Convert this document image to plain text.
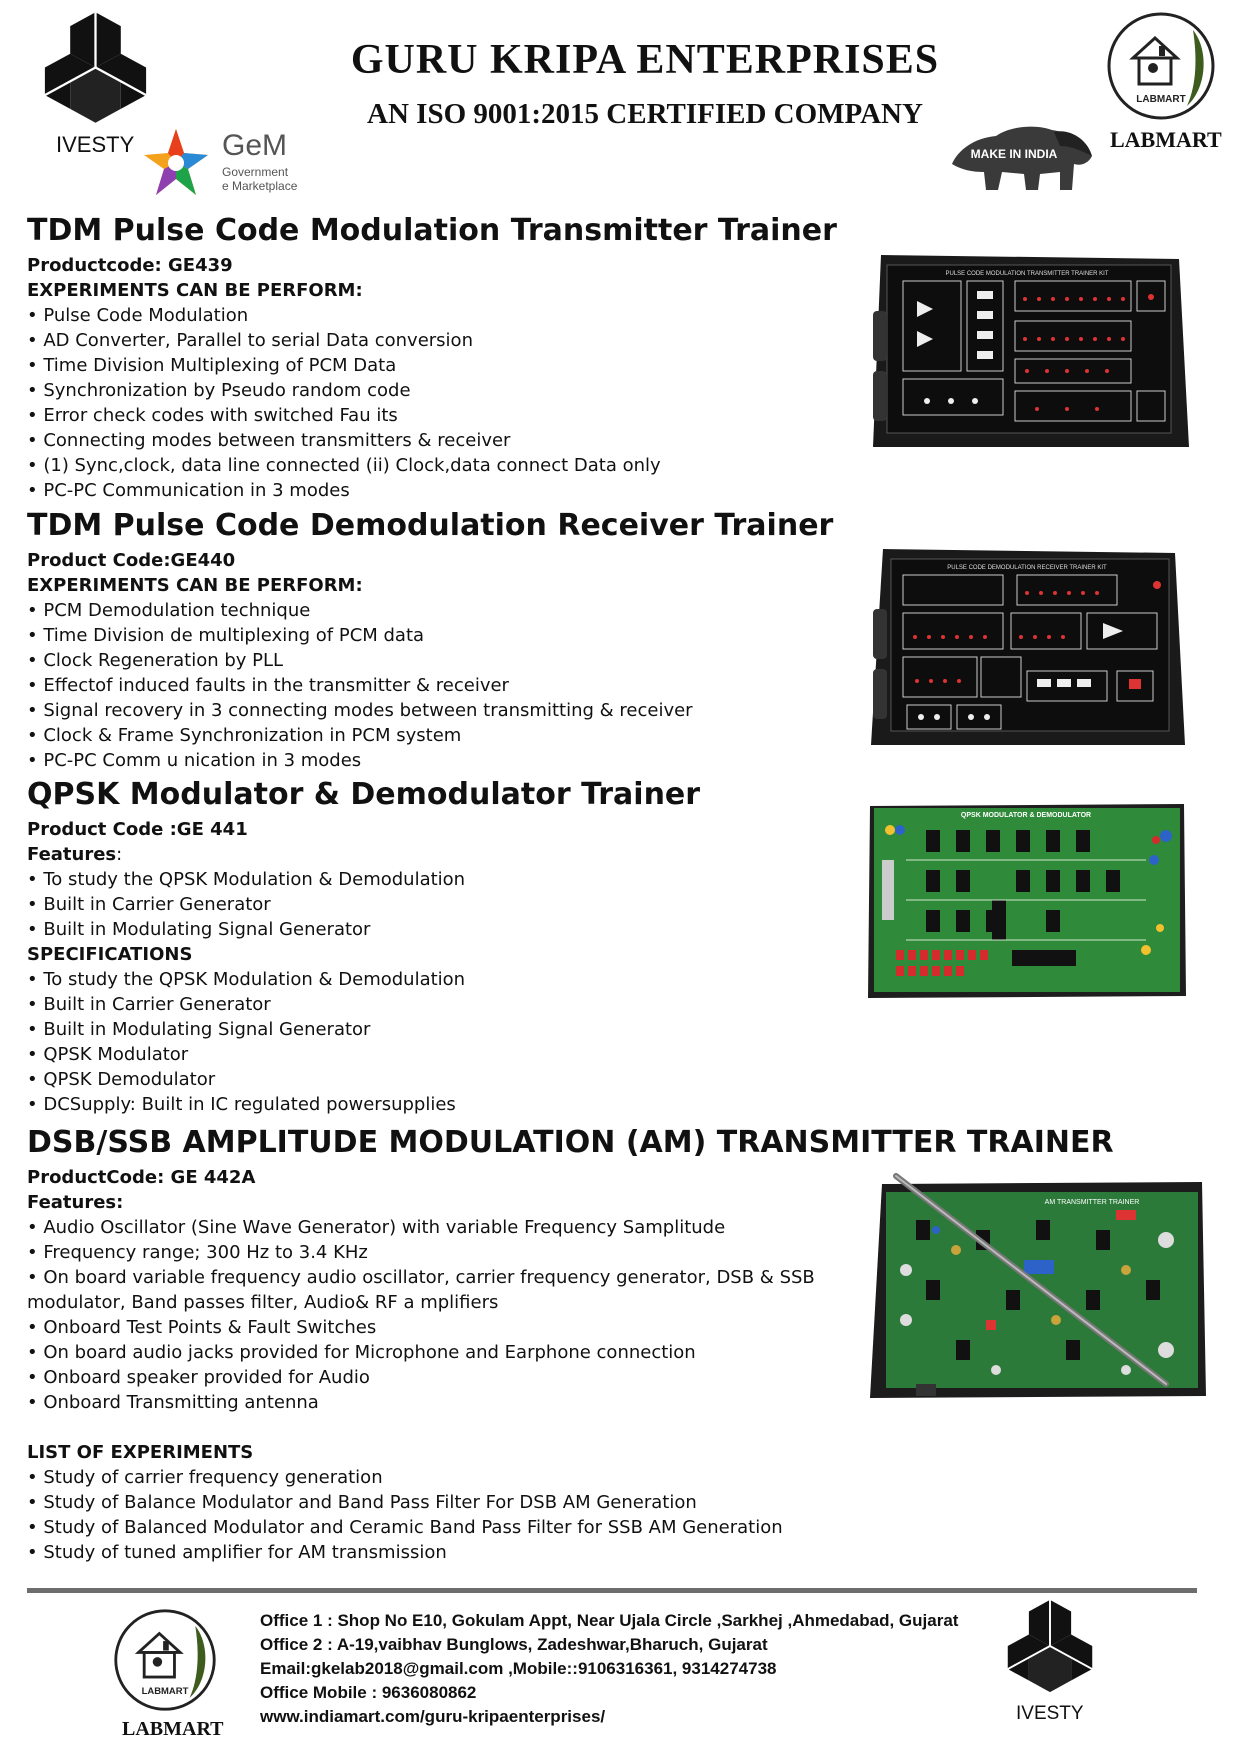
IVESTY	GeM
Government
e Marketplace
GURU KRIPA ENTERPRISES
AN ISO 9001:2015 CERTIFIED COMPANY	LABMART
MAKE IN INDIA
LABMART
TDM Pulse Code Modulation Transmitter Trainer
Productcode: GE439
EXPERIMENTS CAN BE PERFORM:
• Pulse Code Modulation
• AD Converter, Parallel to serial Data conversion
• Time Division Multiplexing of PCM Data
• Synchronization by Pseudo random code
• Error check codes with switched Fau its
• Connecting modes between transmitters & receiver
• (1) Sync,clock, data line connected (ii) Clock,data connect Data only
• PC-PC Communication in 3 modes
PULSE CODE MODULATION TRANSMITTER TRAINER KIT
TDM Pulse Code Demodulation Receiver Trainer
Product Code:GE440
EXPERIMENTS CAN BE PERFORM:
• PCM Demodulation technique
• Time Division de multiplexing of PCM data
• Clock Regeneration by PLL
• Effectof induced faults in the transmitter & receiver
• Signal recovery in 3 connecting modes between transmitting & receiver
• Clock & Frame Synchronization in PCM system
• PC-PC Comm u nication in 3 modes
PULSE CODE DEMODULATION RECEIVER TRAINER KIT
QPSK Modulator & Demodulator Trainer
Product Code :GE 441
Features:
• To study the QPSK Modulation & Demodulation
• Built in Carrier Generator
• Built in Modulating Signal Generator
SPECIFICATIONS
• To study the QPSK Modulation & Demodulation
• Built in Carrier Generator
• Built in Modulating Signal Generator
• QPSK Modulator
• QPSK Demodulator
• DCSupply: Built in IC regulated powersupplies
QPSK MODULATOR & DEMODULATOR
DSB/SSB AMPLITUDE MODULATION (AM) TRANSMITTER TRAINER
ProductCode: GE 442A
Features:
• Audio Oscillator (Sine Wave Generator) with variable Frequency Samplitude
• Frequency range; 300 Hz to 3.4 KHz
• On board variable frequency audio oscillator, carrier frequency generator, DSB & SSB modulator, Band passes filter, Audio& RF a mplifiers
• Onboard Test Points & Fault Switches
• On board audio jacks provided for Microphone and Earphone connection
• Onboard speaker provided for Audio
• Onboard Transmitting antenna
LIST OF EXPERIMENTS
• Study of carrier frequency generation
• Study of Balance Modulator and Band Pass Filter For DSB AM Generation
• Study of Balanced Modulator and Ceramic Band Pass Filter for SSB AM Generation
• Study of tuned amplifier for AM transmission
AM TRANSMITTER TRAINER
LABMART
LABMART
Office 1 : Shop No E10, Gokulam Appt, Near Ujala Circle ,Sarkhej ,Ahmedabad, Gujarat
Office 2 : A-19,vaibhav Bunglows, Zadeshwar,Bharuch, Gujarat
Email:gkelab2018@gmail.com ,Mobile::9106316361, 9314274738
Office Mobile : 9636080862
www.indiamart.com/guru-kripaenterprises/	IVESTY
